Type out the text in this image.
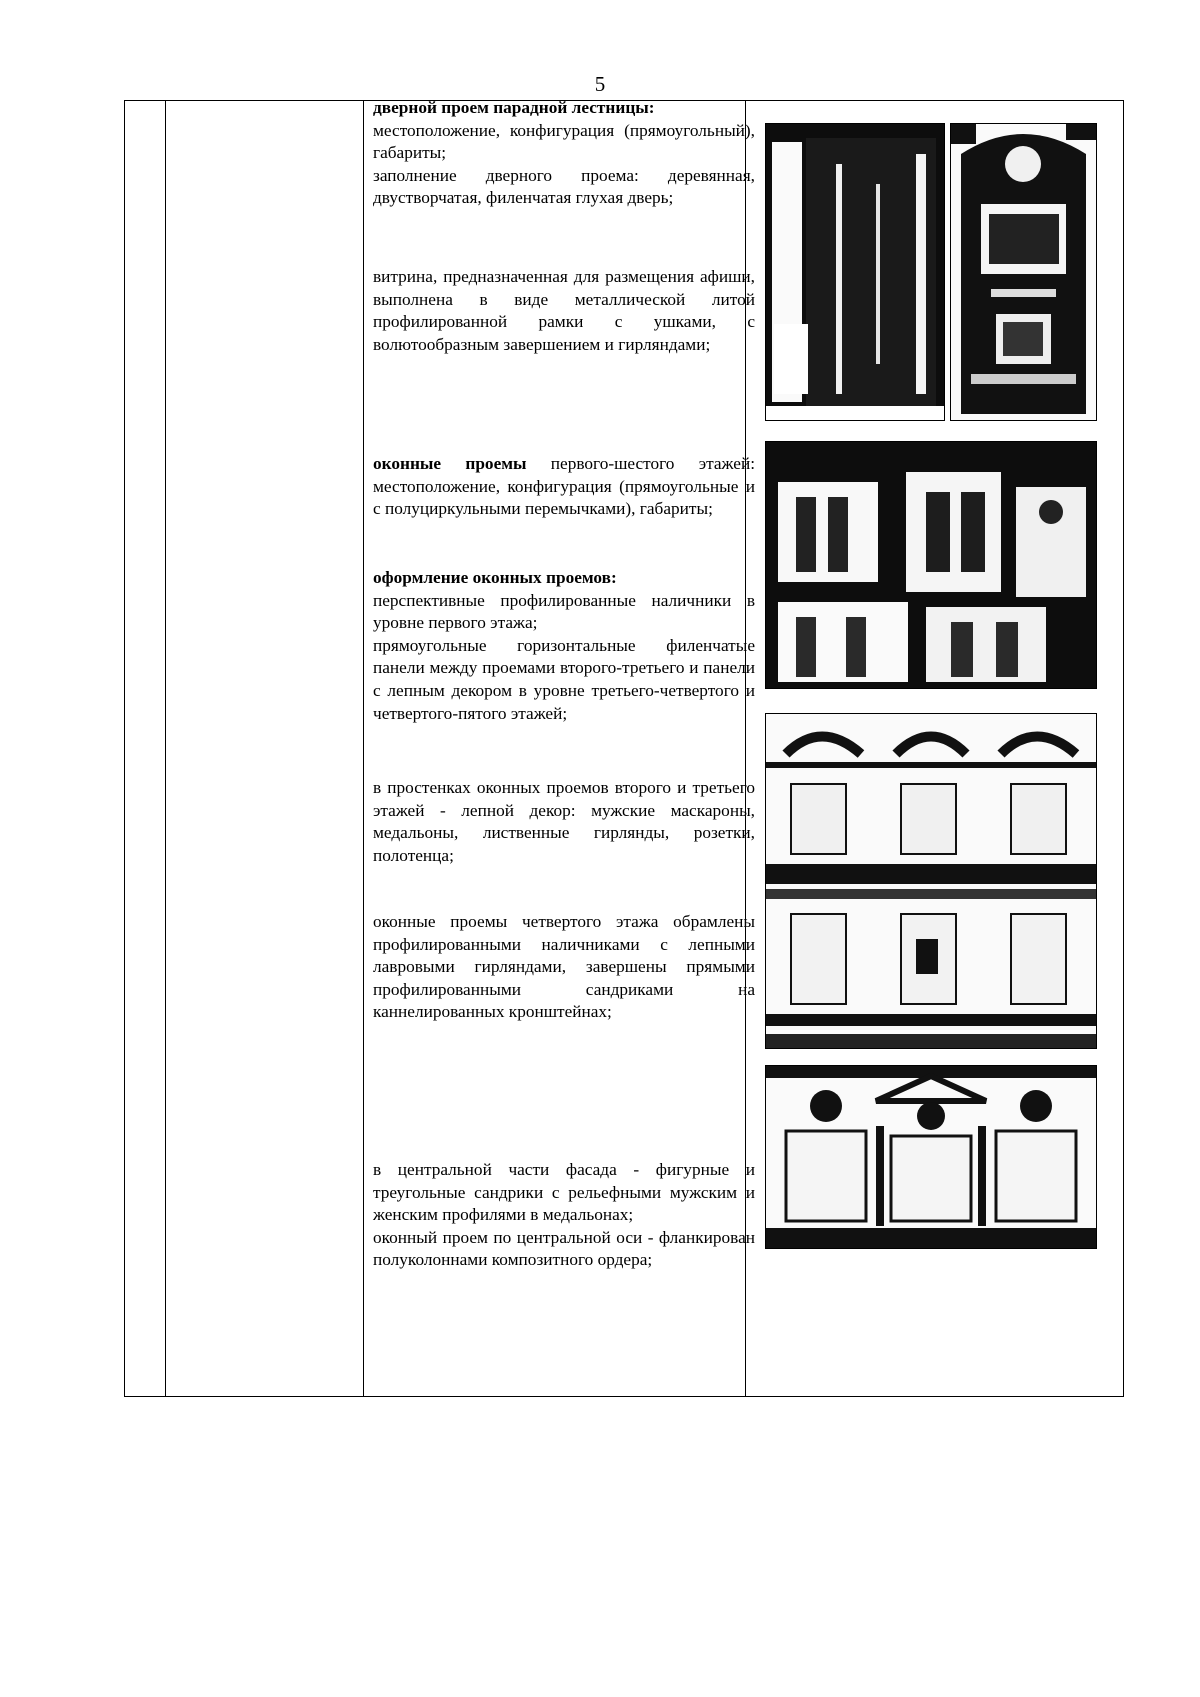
5

дверной проем парадной лестницы:

местоположение, конфигурация (прямоугольный), габариты;

заполнение дверного проема: деревянная, двустворчатая, филенчатая глухая дверь;

витрина, предназначенная для размещения афиши, выполнена в виде металлической литой профилированной рамки с ушками, с волютообразным завершением и гирляндами;

оконные проемы первого-шестого этажей: местоположение, конфигурация (прямоугольные и с полуциркульными перемычками), габариты;

оформление оконных проемов:

перспективные профилированные наличники в уровне первого этажа;

прямоугольные горизонтальные филенчатые панели между проемами второго-третьего и панели с лепным декором в уровне третьего-четвертого и четвертого-пятого этажей;

в простенках оконных проемов второго и третьего этажей - лепной декор: мужские маскароны, медальоны, лиственные гирлянды, розетки, полотенца;

оконные проемы четвертого этажа обрамлены профилированными наличниками с лепными лавровыми гирляндами, завершены прямыми профилированными сандриками на каннелированных кронштейнах;

в центральной части фасада - фигурные и треугольные сандрики с рельефными мужским и женским профилями в медальонах;

оконный проем по центральной оси - фланкирован полуколоннами композитного ордера;
